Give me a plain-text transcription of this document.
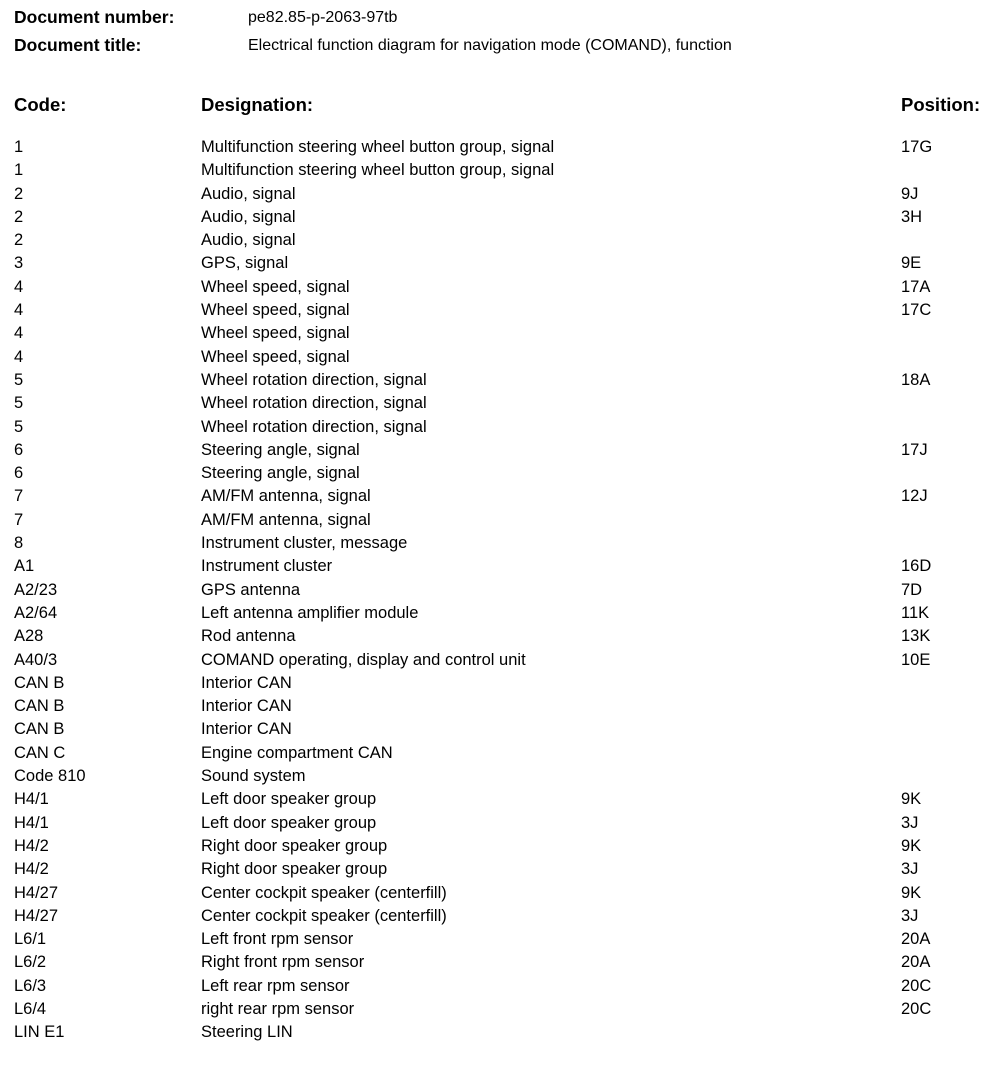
Document number:	pe82.85-p-2063-97tb
Document title:	Electrical function diagram for navigation mode (COMAND), function
Code:	Designation:	Position:
1	Multifunction steering wheel button group, signal	17G
1	Multifunction steering wheel button group, signal
2	Audio, signal	9J
2	Audio, signal	3H
2	Audio, signal
3	GPS, signal	9E
4	Wheel speed, signal	17A
4	Wheel speed, signal	17C
4	Wheel speed, signal
4	Wheel speed, signal
5	Wheel rotation direction, signal	18A
5	Wheel rotation direction, signal
5	Wheel rotation direction, signal
6	Steering angle, signal	17J
6	Steering angle, signal
7	AM/FM antenna, signal	12J
7	AM/FM antenna, signal
8	Instrument cluster, message
A1	Instrument cluster	16D
A2/23	GPS antenna	7D
A2/64	Left antenna amplifier module	11K
A28	Rod antenna	13K
A40/3	COMAND operating, display and control unit	10E
CAN B	Interior CAN
CAN B	Interior CAN
CAN B	Interior CAN
CAN C	Engine compartment CAN
Code 810	Sound system
H4/1	Left door speaker group	9K
H4/1	Left door speaker group	3J
H4/2	Right door speaker group	9K
H4/2	Right door speaker group	3J
H4/27	Center cockpit speaker (centerfill)	9K
H4/27	Center cockpit speaker (centerfill)	3J
L6/1	Left front rpm sensor	20A
L6/2	Right front rpm sensor	20A
L6/3	Left rear rpm sensor	20C
L6/4	right rear rpm sensor	20C
LIN E1	Steering LIN
